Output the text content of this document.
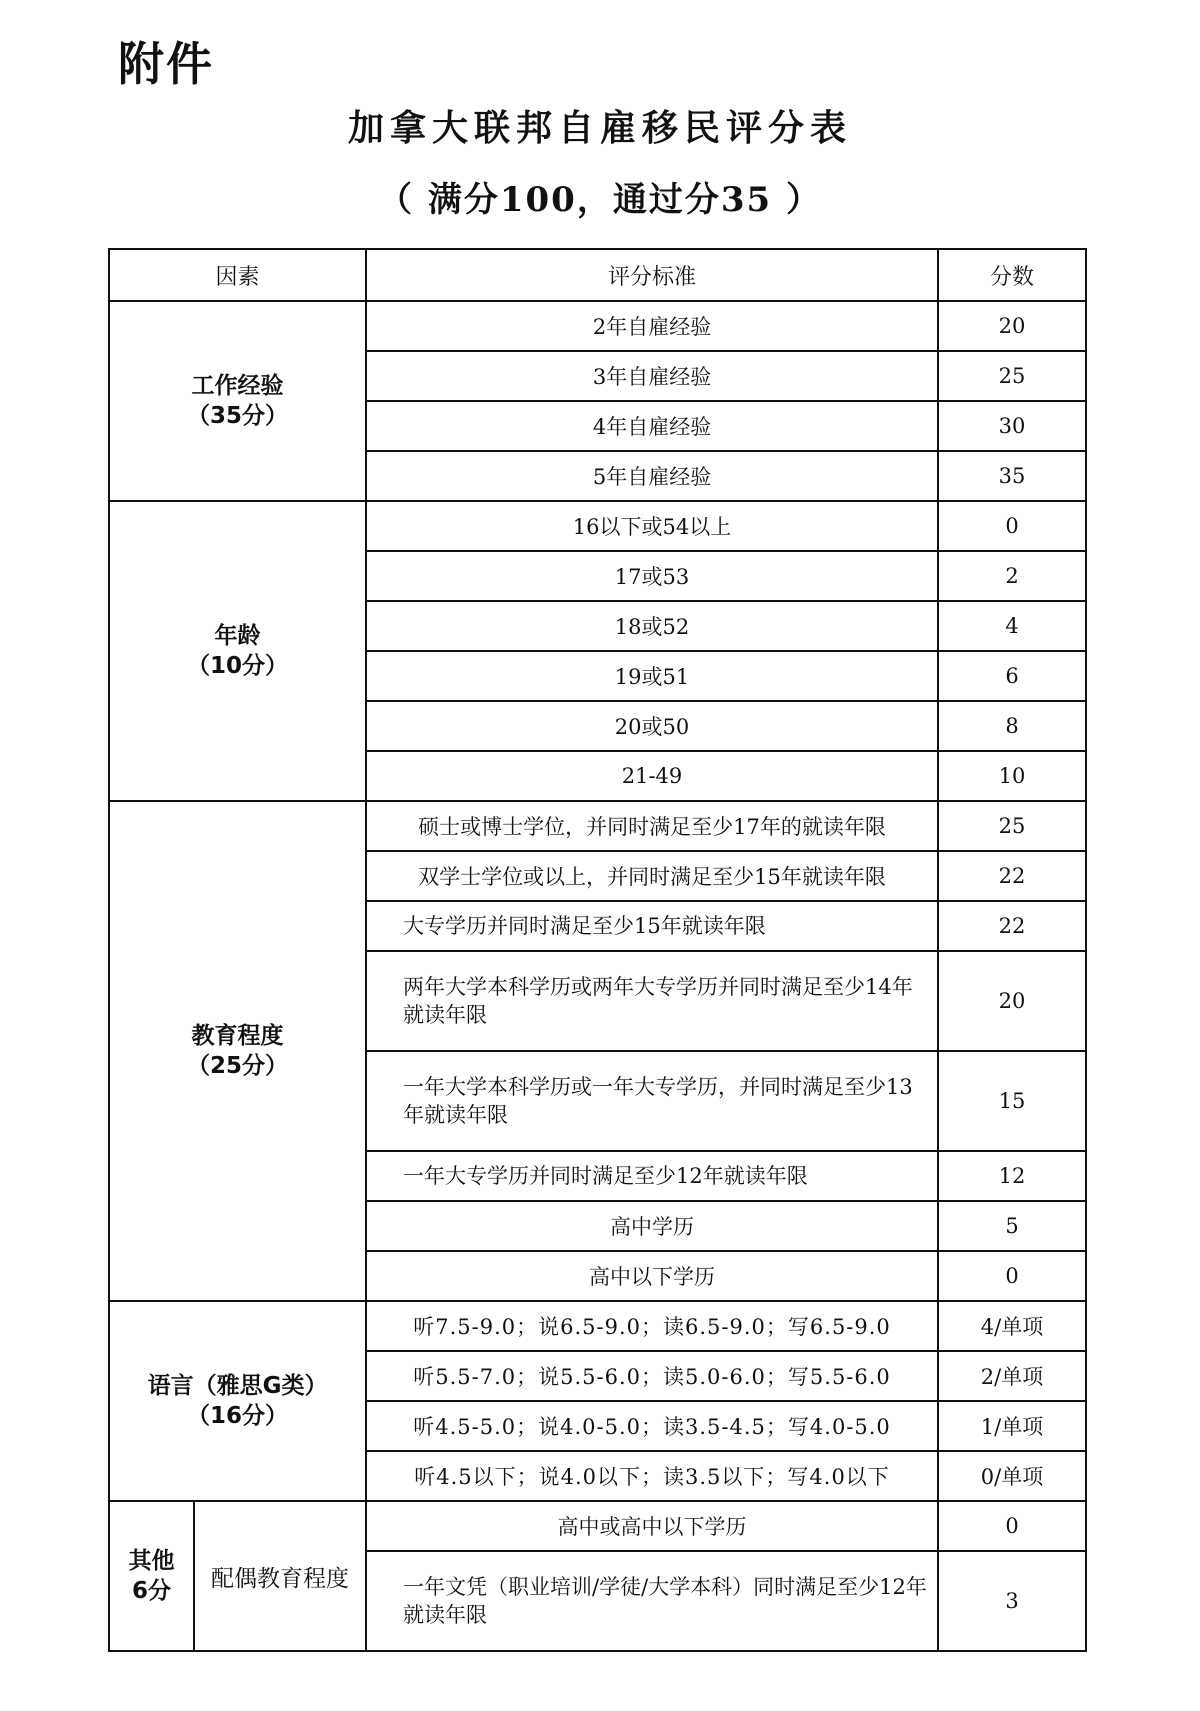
附件
加拿大联邦自雇移民评分表
（ 满分100，通过分35 ）
因素		评分标准	分数

工作经验
（35分）		2年自雇经验	20
		3年自雇经验	25
		4年自雇经验	30
		5年自雇经验	35

年龄
（10分）		16以下或54以上	0
		17或53	2
		18或52	4
		19或51	6
		20或50	8
		21-49	10

教育程度
（25分）		硕士或博士学位，并同时满足至少17年的就读年限	25
		双学士学位或以上，并同时满足至少15年就读年限	22
		大专学历并同时满足至少15年就读年限	22
		两年大学本科学历或两年大专学历并同时满足至少14年就读年限	20
		一年大学本科学历或一年大专学历，并同时满足至少13年就读年限	15
		一年大专学历并同时满足至少12年就读年限	12
		高中学历	5
		高中以下学历	0

语言（雅思G类）
（16分）		听7.5-9.0；说6.5-9.0；读6.5-9.0；写6.5-9.0	4/单项
		听5.5-7.0；说5.5-6.0；读5.0-6.0；写5.5-6.0	2/单项
		听4.5-5.0；说4.0-5.0；读3.5-4.5；写4.0-5.0	1/单项
		听4.5以下；说4.0以下；读3.5以下；写4.0以下	0/单项

其他
6分	配偶教育程度	高中或高中以下学历	0
		一年文凭（职业培训/学徒/大学本科）同时满足至少12年就读年限	3
